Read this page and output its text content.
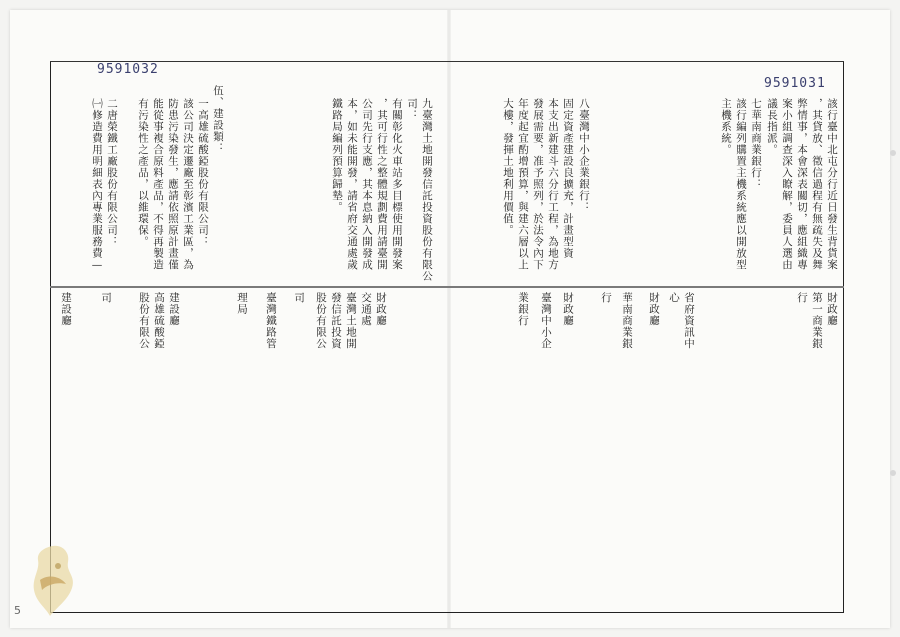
9591032
9591031
該行臺中北屯分行近日發生背貨案
，其貸放、徵信過程有無疏失及舞
弊情事，本會深表關切，應組織專
案小組調查深入瞭解，委員人選由
議長指派。
七華南商業銀行：
該行編列購置主機系統應以開放型
主機系統。
八臺灣中小企業銀行：
固定資產建設良擴充，計畫型資
本支出新建斗六分行工程，為地方
發展需要，准予照列，於法令內下
年度起宜酌增預算，與建六層以上
大樓，發揮土地利用價值。
九臺灣土地開發信託投資股份有限公
司：
有關彰化火車站多目標使用開發案
，其可行性之整體規劃費用請臺開
公司先行支應，其本息納入開發成
本，如未能開發，請省府交通處歲
鐵路局編列預算歸墊。
伍、建設類：
一高雄硫酸錏股份有限公司：
該公司決定遷廠至彰濱工業區，為
防患污染發生，應請依照原計畫僅
能從事複合原料產品，不得再製造
有污染性之產品，以維環保。
二唐榮鐵工廠股份有限公司：
㈠修造費用明細表內專業服務費—
財政廳
第一商業銀
行
省府資訊中
心
財政廳
華南商業銀
行
財政廳
臺灣中小企
業銀行
財政廳
交通處
臺灣土地開
發信託投資
股份有限公
司
臺灣鐵路管
理局
建設廳
高雄硫酸錏
股份有限公
司
建設廳
5
